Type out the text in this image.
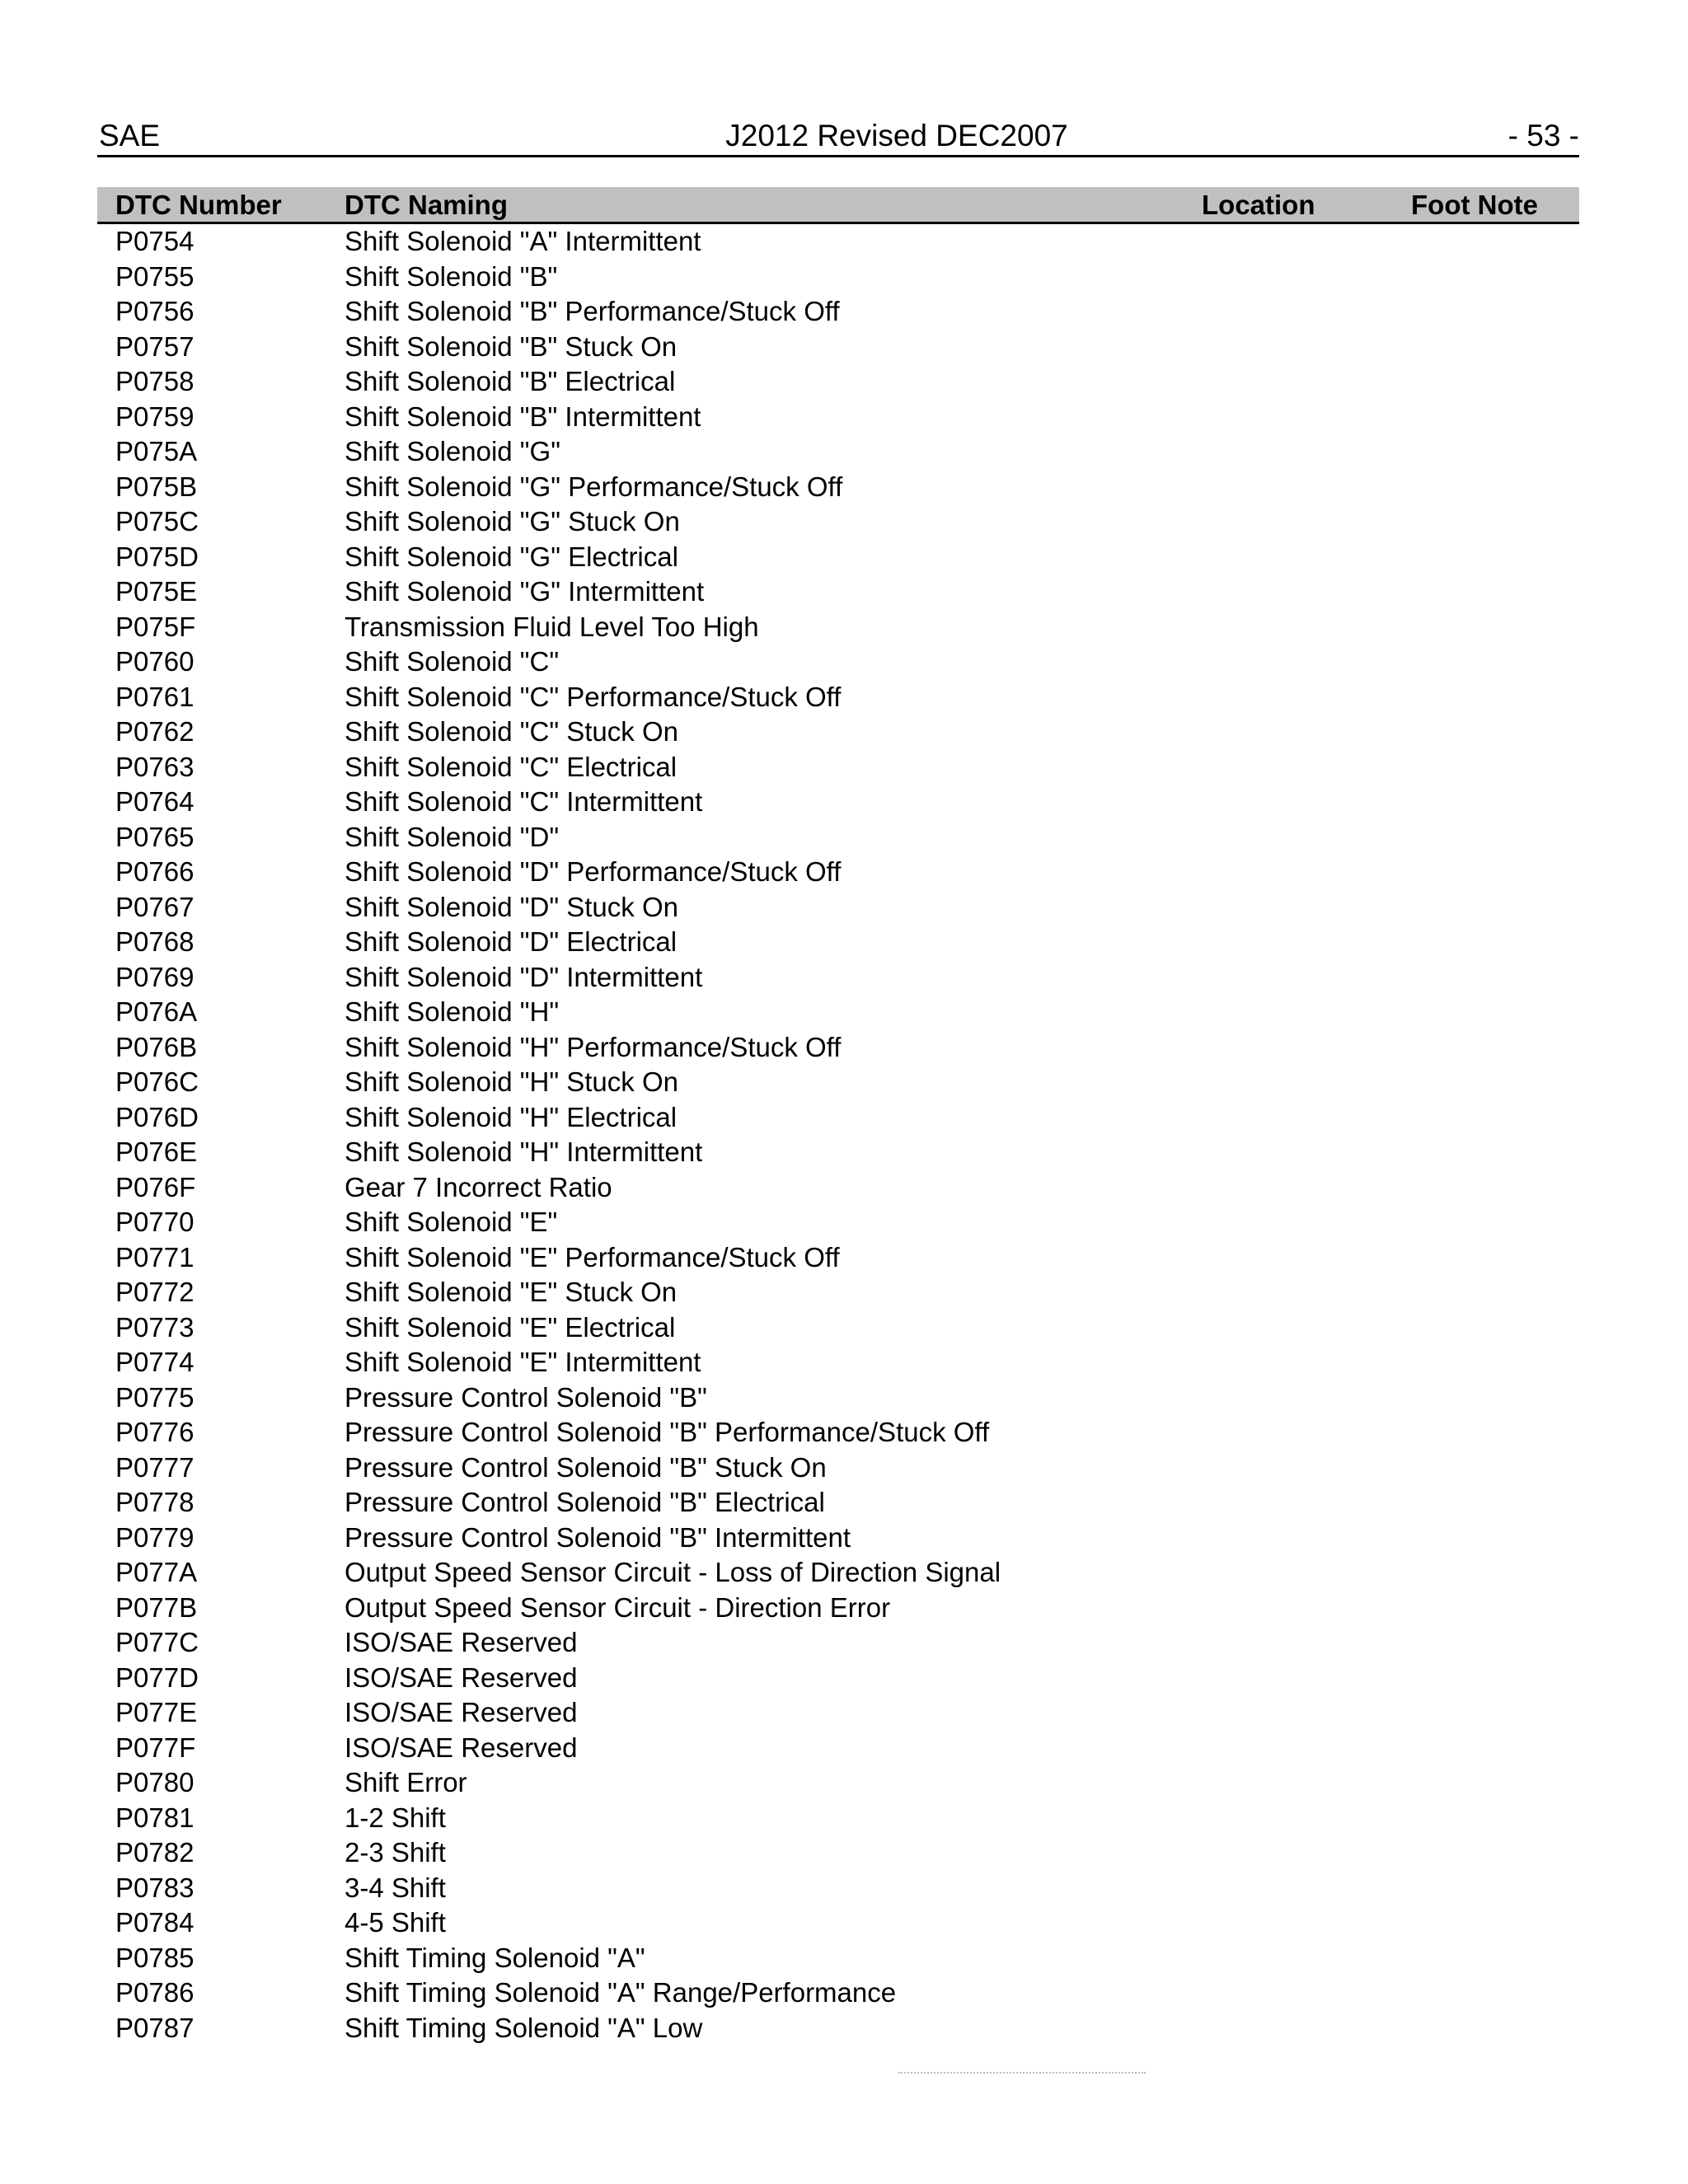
SAE	J2012 Revised DEC2007	- 53 -
DTC Number DTC Naming	Location	Foot Note
P0754	Shift Solenoid "A" Intermittent
P0755	Shift Solenoid "B"
P0756	Shift Solenoid "B" Performance/Stuck Off
P0757	Shift Solenoid "B" Stuck On
P0758	Shift Solenoid "B" Electrical
P0759	Shift Solenoid "B" Intermittent
P075A	Shift Solenoid "G"
P075B	Shift Solenoid "G" Performance/Stuck Off
P075C	Shift Solenoid "G" Stuck On
P075D	Shift Solenoid "G" Electrical
P075E	Shift Solenoid "G" Intermittent
P075F	Transmission Fluid Level Too High
P0760	Shift Solenoid "C"
P0761	Shift Solenoid "C" Performance/Stuck Off
P0762	Shift Solenoid "C" Stuck On
P0763	Shift Solenoid "C" Electrical
P0764	Shift Solenoid "C" Intermittent
P0765	Shift Solenoid "D"
P0766	Shift Solenoid "D" Performance/Stuck Off
P0767	Shift Solenoid "D" Stuck On
P0768	Shift Solenoid "D" Electrical
P0769	Shift Solenoid "D" Intermittent
P076A	Shift Solenoid "H"
P076B	Shift Solenoid "H" Performance/Stuck Off
P076C	Shift Solenoid "H" Stuck On
P076D	Shift Solenoid "H" Electrical
P076E	Shift Solenoid "H" Intermittent
P076F	Gear 7 Incorrect Ratio
P0770	Shift Solenoid "E"
P0771	Shift Solenoid "E" Performance/Stuck Off
P0772	Shift Solenoid "E" Stuck On
P0773	Shift Solenoid "E" Electrical
P0774	Shift Solenoid "E" Intermittent
P0775	Pressure Control Solenoid "B"
P0776	Pressure Control Solenoid "B" Performance/Stuck Off
P0777	Pressure Control Solenoid "B" Stuck On
P0778	Pressure Control Solenoid "B" Electrical
P0779	Pressure Control Solenoid "B" Intermittent
P077A	Output Speed Sensor Circuit - Loss of Direction Signal
P077B	Output Speed Sensor Circuit - Direction Error
P077C	ISO/SAE Reserved
P077D	ISO/SAE Reserved
P077E	ISO/SAE Reserved
P077F	ISO/SAE Reserved
P0780	Shift Error
P0781	1-2 Shift
P0782	2-3 Shift
P0783	3-4 Shift
P0784	4-5 Shift
P0785	Shift Timing Solenoid "A"
P0786	Shift Timing Solenoid "A" Range/Performance
P0787	Shift Timing Solenoid "A" Low
